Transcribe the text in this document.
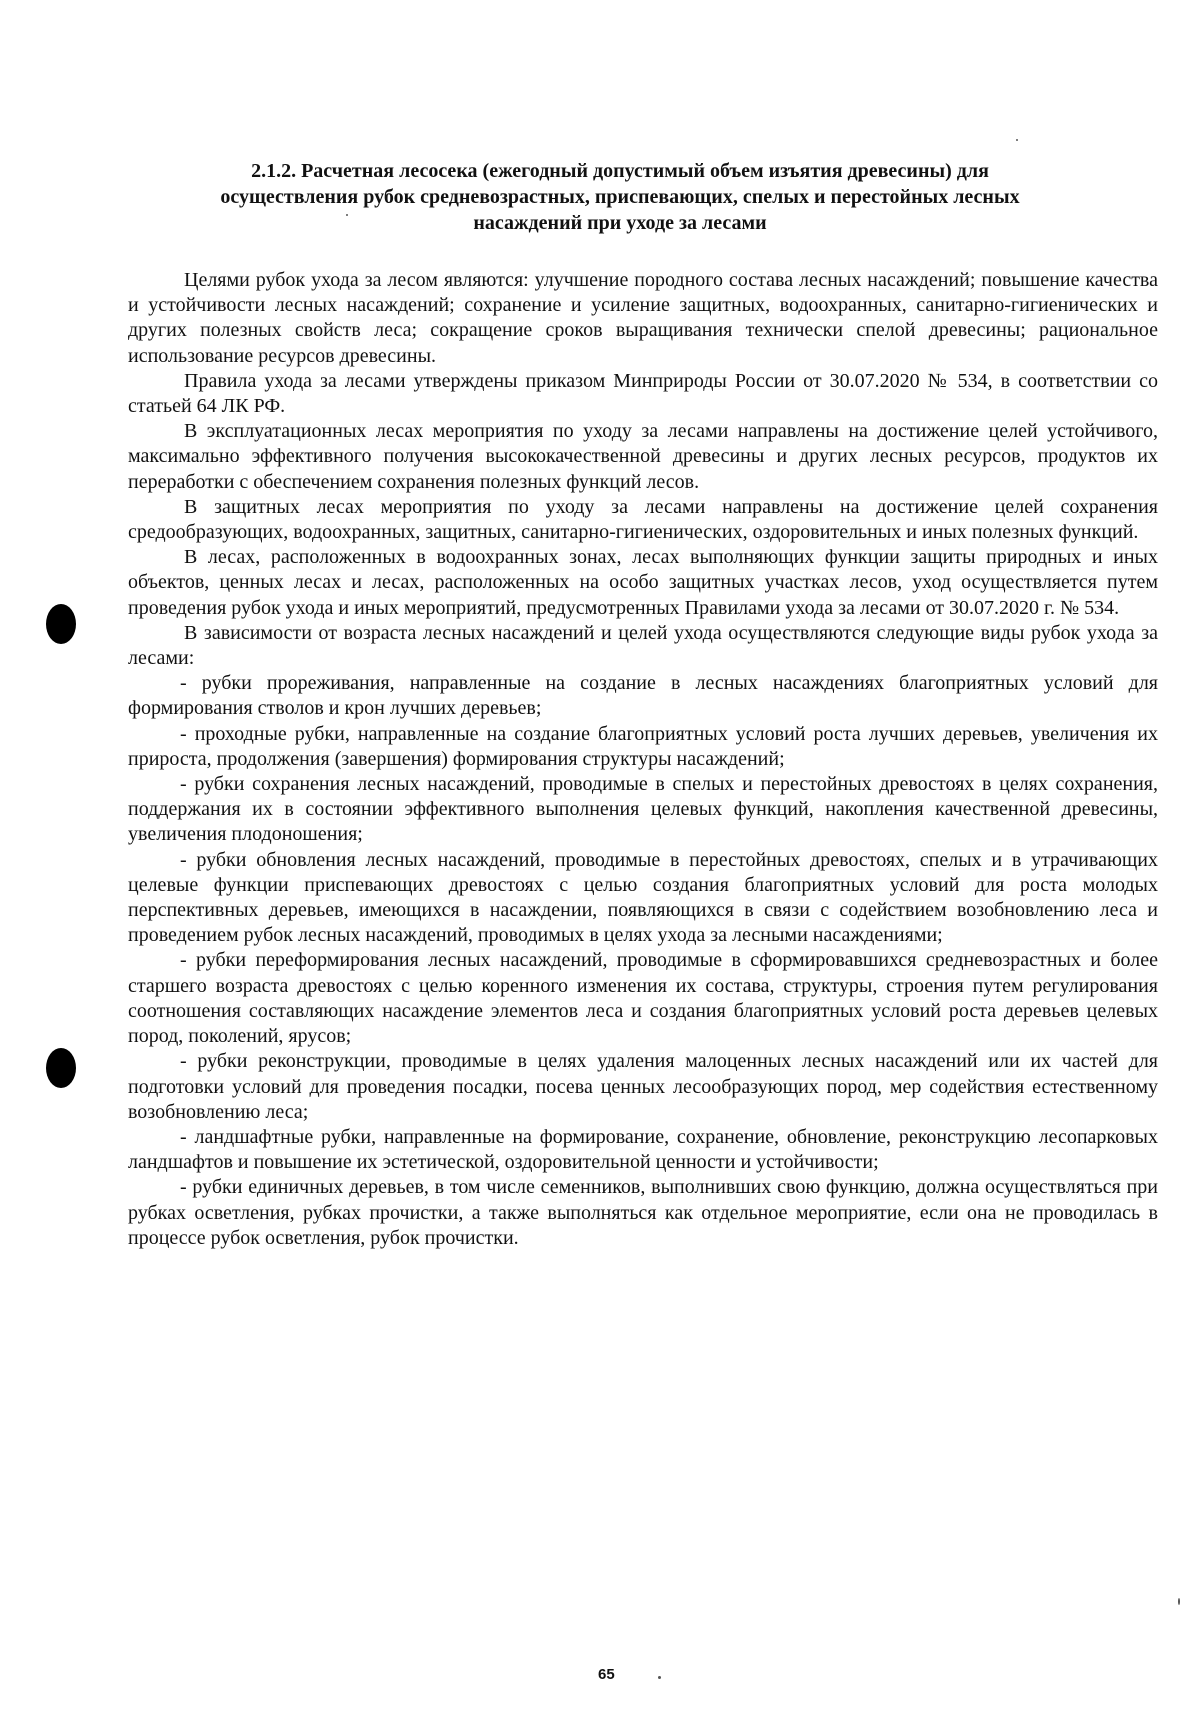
2.1.2. Расчетная лесосека (ежегодный допустимый объем изъятия древесины) для
осуществления рубок средневозрастных, приспевающих, спелых и перестойных лесных
насаждений при уходе за лесами

Целями рубок ухода за лесом являются: улучшение породного состава лесных насаждений; повышение качества и устойчивости лесных насаждений; сохранение и усиление защитных, водоохранных, санитарно-гигиенических и других полезных свойств леса; сокращение сроков выращивания технически спелой древесины; рациональное использование ресурсов древесины.

Правила ухода за лесами утверждены приказом Минприроды России от 30.07.2020 № 534, в соответствии со статьей 64 ЛК РФ.

В эксплуатационных лесах мероприятия по уходу за лесами направлены на достижение целей устойчивого, максимально эффективного получения высококачественной древесины и других лесных ресурсов, продуктов их переработки с обеспечением сохранения полезных функций лесов.

В защитных лесах мероприятия по уходу за лесами направлены на достижение целей сохранения средообразующих, водоохранных, защитных, санитарно-гигиенических, оздоровительных и иных полезных функций.

В лесах, расположенных в водоохранных зонах, лесах выполняющих функции защиты природных и иных объектов, ценных лесах и лесах, расположенных на особо защитных участках лесов, уход осуществляется путем проведения рубок ухода и иных мероприятий, предусмотренных Правилами ухода за лесами от 30.07.2020 г. № 534.

В зависимости от возраста лесных насаждений и целей ухода осуществляются следующие виды рубок ухода за лесами:

- рубки прореживания, направленные на создание в лесных насаждениях благоприятных условий для формирования стволов и крон лучших деревьев;

- проходные рубки, направленные на создание благоприятных условий роста лучших деревьев, увеличения их прироста, продолжения (завершения) формирования структуры насаждений;

- рубки сохранения лесных насаждений, проводимые в спелых и перестойных древостоях в целях сохранения, поддержания их в состоянии эффективного выполнения целевых функций, накопления качественной древесины, увеличения плодоношения;

- рубки обновления лесных насаждений, проводимые в перестойных древостоях, спелых и в утрачивающих целевые функции приспевающих древостоях с целью создания благоприятных условий для роста молодых перспективных деревьев, имеющихся в насаждении, появляющихся в связи с содействием возобновлению леса и проведением рубок лесных насаждений, проводимых в целях ухода за лесными насаждениями;

- рубки переформирования лесных насаждений, проводимые в сформировавшихся средневозрастных и более старшего возраста древостоях с целью коренного изменения их состава, структуры, строения путем регулирования соотношения составляющих насаждение элементов леса и создания благоприятных условий роста деревьев целевых пород, поколений, ярусов;

- рубки реконструкции, проводимые в целях удаления малоценных лесных насаждений или их частей для подготовки условий для проведения посадки, посева ценных лесообразующих пород, мер содействия естественному возобновлению леса;

- ландшафтные рубки, направленные на формирование, сохранение, обновление, реконструкцию лесопарковых ландшафтов и повышение их эстетической, оздоровительной ценности и устойчивости;

- рубки единичных деревьев, в том числе семенников, выполнивших свою функцию, должна осуществляться при рубках осветления, рубках прочистки, а также выполняться как отдельное мероприятие, если она не проводилась в процессе рубок осветления, рубок прочистки.

65
